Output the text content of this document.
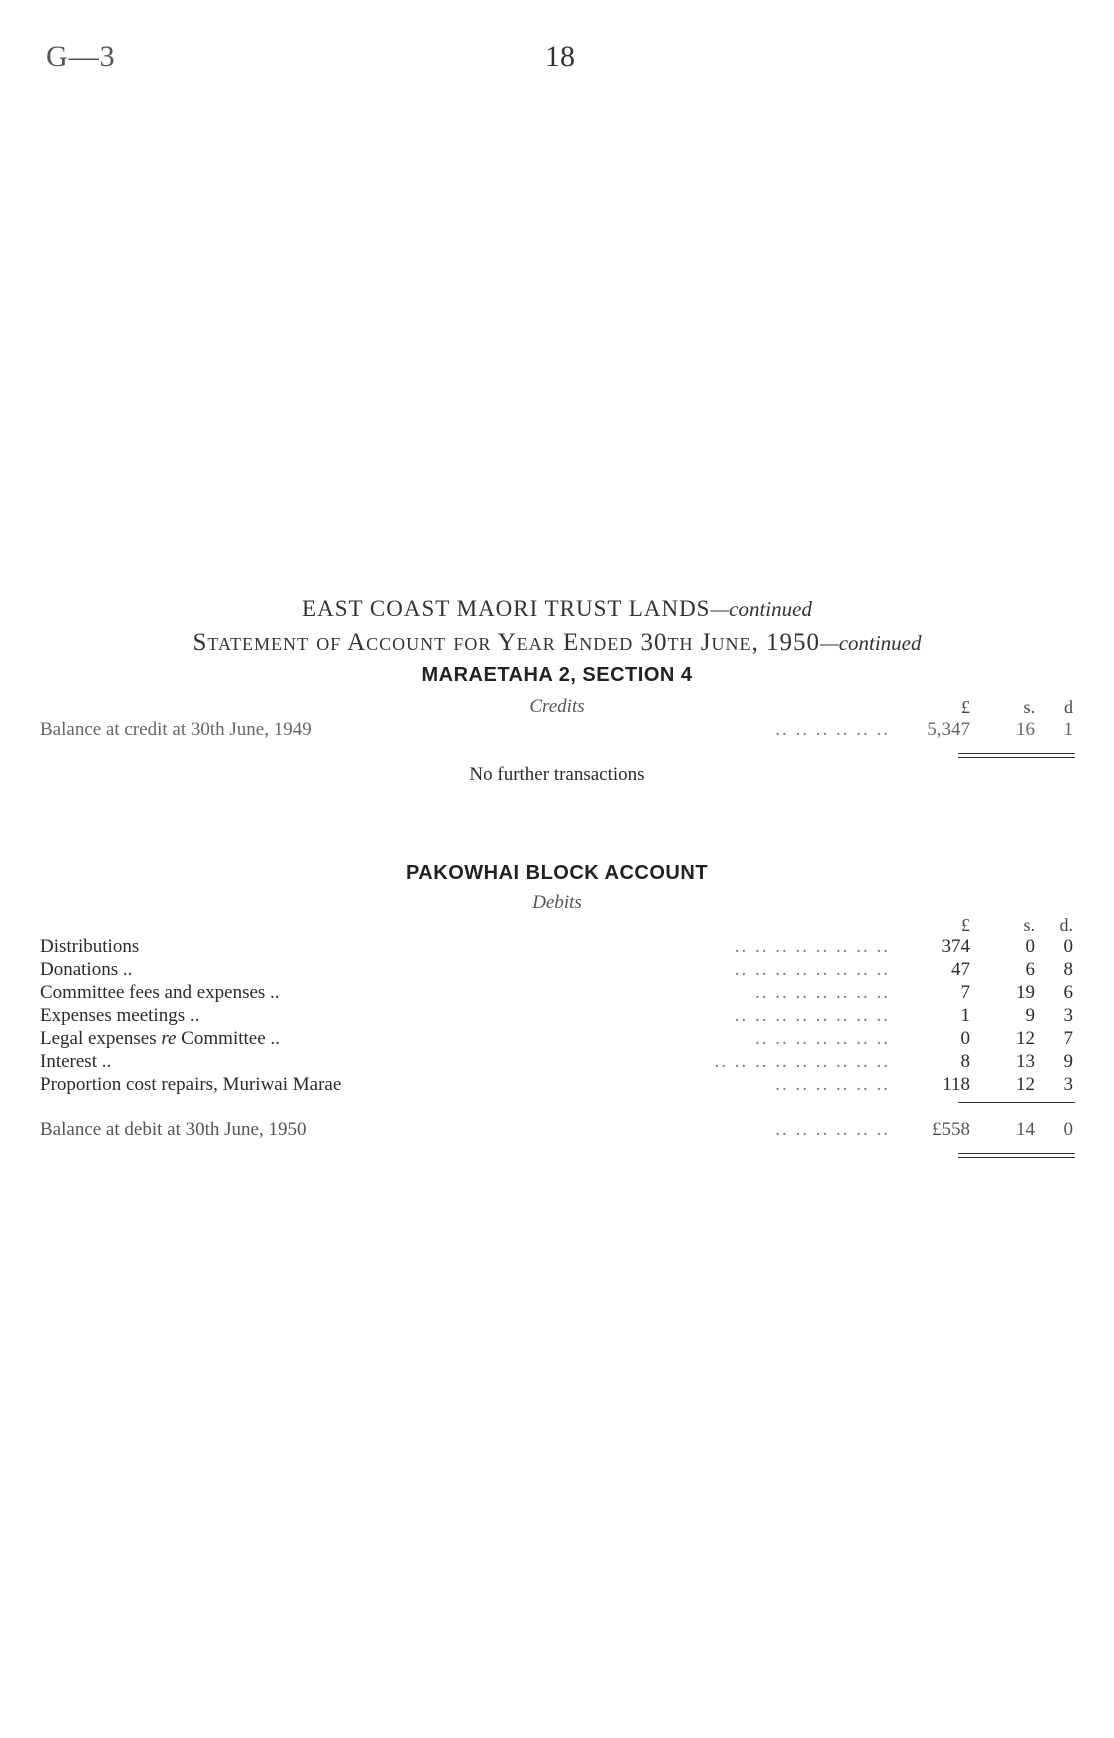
G—3	18
EAST COAST MAORI TRUST LANDS—continued
Statement of Account for Year Ended 30th June, 1950—continued
MARAETAHA 2, SECTION 4
Credits	£	s.	d
Balance at credit at 30th June, 1949	.. .. .. .. .. ..	5,347	16	1
No further transactions
PAKOWHAI BLOCK ACCOUNT
Debits
£	s.	d.
Distributions	.. .. .. .. .. .. .. ..	374	0	0
Donations ..	.. .. .. .. .. .. .. ..	47	6	8
Committee fees and expenses ..	.. .. .. .. .. .. ..	7	19	6
Expenses meetings ..	.. .. .. .. .. .. .. ..	1	9	3
Legal expenses re Committee ..	.. .. .. .. .. .. ..	0	12	7
Interest ..	.. .. .. .. .. .. .. .. ..	8	13	9
Proportion cost repairs, Muriwai Marae	.. .. .. .. .. ..	118	12	3
Balance at debit at 30th June, 1950	.. .. .. .. .. ..	£558	14	0
